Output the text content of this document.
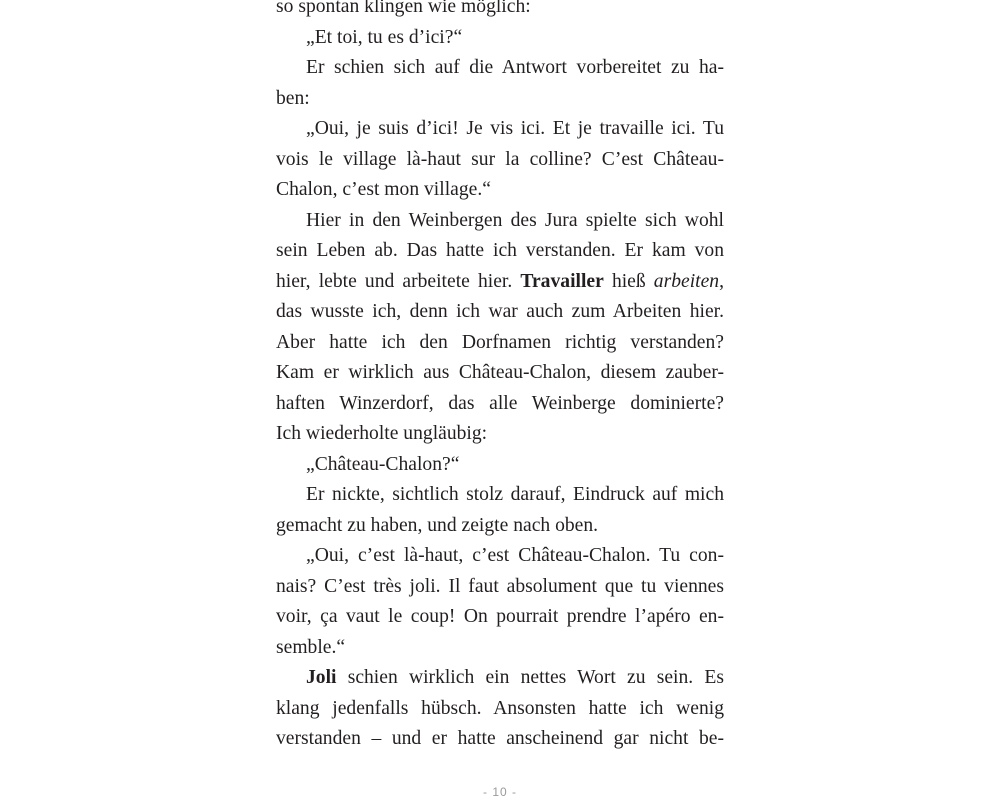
so spontan klingen wie möglich:
„Et toi, tu es d’ici?“
Er schien sich auf die Antwort vorbereitet zu ha-
ben:
„Oui, je suis d’ici! Je vis ici. Et je travaille ici. Tu
vois le village là-haut sur la colline? C’est Château-
Chalon, c’est mon village.“
Hier in den Weinbergen des Jura spielte sich wohl
sein Leben ab. Das hatte ich verstanden. Er kam von
hier, lebte und arbeitete hier. Travailler hieß arbeiten,
das wusste ich, denn ich war auch zum Arbeiten hier.
Aber hatte ich den Dorfnamen richtig verstanden?
Kam er wirklich aus Château-Chalon, diesem zauber-
haften Winzerdorf, das alle Weinberge dominierte?
Ich wiederholte ungläubig:
„Château-Chalon?“
Er nickte, sichtlich stolz darauf, Eindruck auf mich
gemacht zu haben, und zeigte nach oben.
„Oui, c’est là-haut, c’est Château-Chalon. Tu con-
nais? C’est très joli. Il faut absolument que tu viennes
voir, ça vaut le coup! On pourrait prendre l’apéro en-
semble.“
Joli schien wirklich ein nettes Wort zu sein. Es
klang jedenfalls hübsch. Ansonsten hatte ich wenig
verstanden – und er hatte anscheinend gar nicht be-
- 10 -
